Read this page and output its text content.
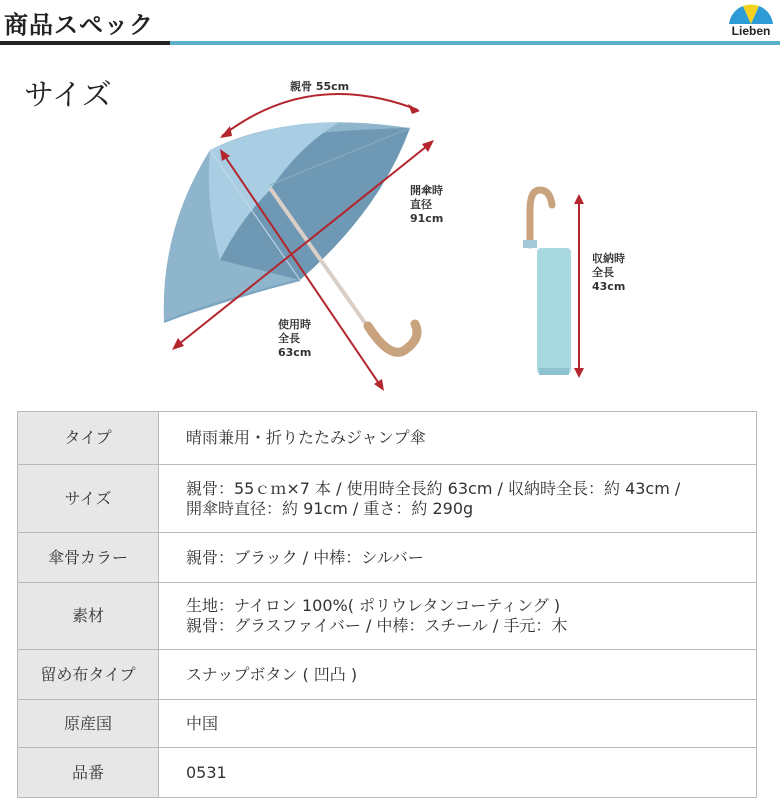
商品スペック	Lieben
サイズ	親骨 55cm
開傘時
直径
91cm
使用時
全長
63cm
収納時
全長
43cm
タイプ	晴雨兼用・折りたたみジャンプ傘

サイズ	親骨：55ｃｍ×7 本 / 使用時全長約 63cm / 収納時全長：約 43cm /
開傘時直径：約 91cm / 重さ：約 290g

傘骨カラー	親骨：ブラック / 中棒：シルバー

素材	生地：ナイロン 100%( ポリウレタンコーティング )
親骨：グラスファイバー / 中棒：スチール / 手元：木

留め布タイプ	スナップボタン ( 凹凸 )

原産国	中国

品番	0531
